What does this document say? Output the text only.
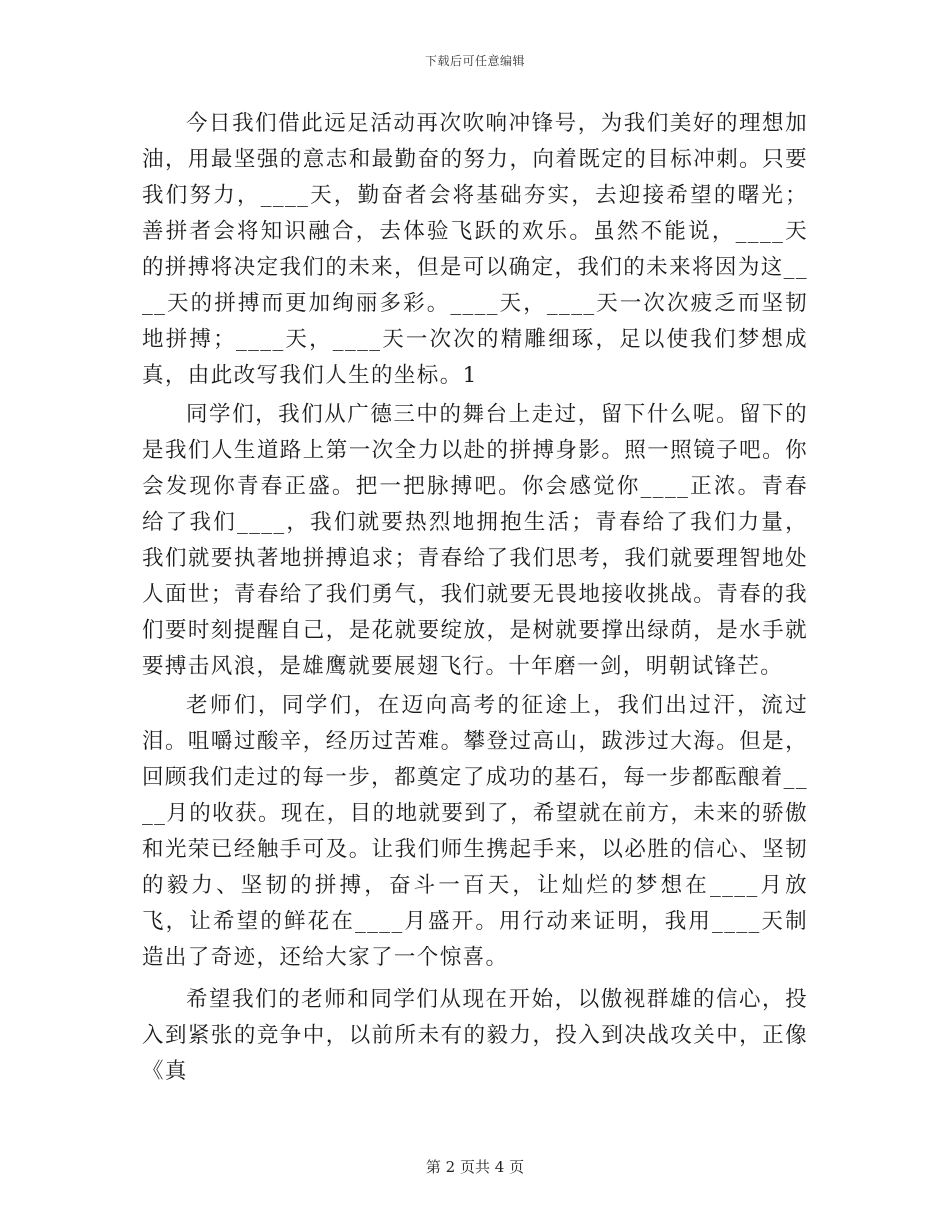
下载后可任意编辑

今日我们借此远足活动再次吹响冲锋号，为我们美好的理想加油，用最坚强的意志和最勤奋的努力，向着既定的目标冲刺。只要我们努力，____天，勤奋者会将基础夯实，去迎接希望的曙光；善拼者会将知识融合，去体验飞跃的欢乐。虽然不能说，____天的拼搏将决定我们的未来，但是可以确定，我们的未来将因为这____天的拼搏而更加绚丽多彩。____天，____天一次次疲乏而坚韧地拼搏；____天，____天一次次的精雕细琢，足以使我们梦想成真，由此改写我们人生的坐标。1

同学们，我们从广德三中的舞台上走过，留下什么呢。留下的是我们人生道路上第一次全力以赴的拼搏身影。照一照镜子吧。你会发现你青春正盛。把一把脉搏吧。你会感觉你____正浓。青春给了我们____，我们就要热烈地拥抱生活；青春给了我们力量，我们就要执著地拼搏追求；青春给了我们思考，我们就要理智地处人面世；青春给了我们勇气，我们就要无畏地接收挑战。青春的我们要时刻提醒自己，是花就要绽放，是树就要撑出绿荫，是水手就要搏击风浪，是雄鹰就要展翅飞行。十年磨一剑，明朝试锋芒。

老师们，同学们，在迈向高考的征途上，我们出过汗，流过泪。咀嚼过酸辛，经历过苦难。攀登过高山，跋涉过大海。但是，回顾我们走过的每一步，都奠定了成功的基石，每一步都酝酿着____月的收获。现在，目的地就要到了，希望就在前方，未来的骄傲和光荣已经触手可及。让我们师生携起手来，以必胜的信心、坚韧的毅力、坚韧的拼搏，奋斗一百天，让灿烂的梦想在____月放飞，让希望的鲜花在____月盛开。用行动来证明，我用____天制造出了奇迹，还给大家了一个惊喜。

希望我们的老师和同学们从现在开始，以傲视群雄的信心，投入到紧张的竞争中，以前所未有的毅力，投入到决战攻关中，正像《真

第 2 页共 4 页
